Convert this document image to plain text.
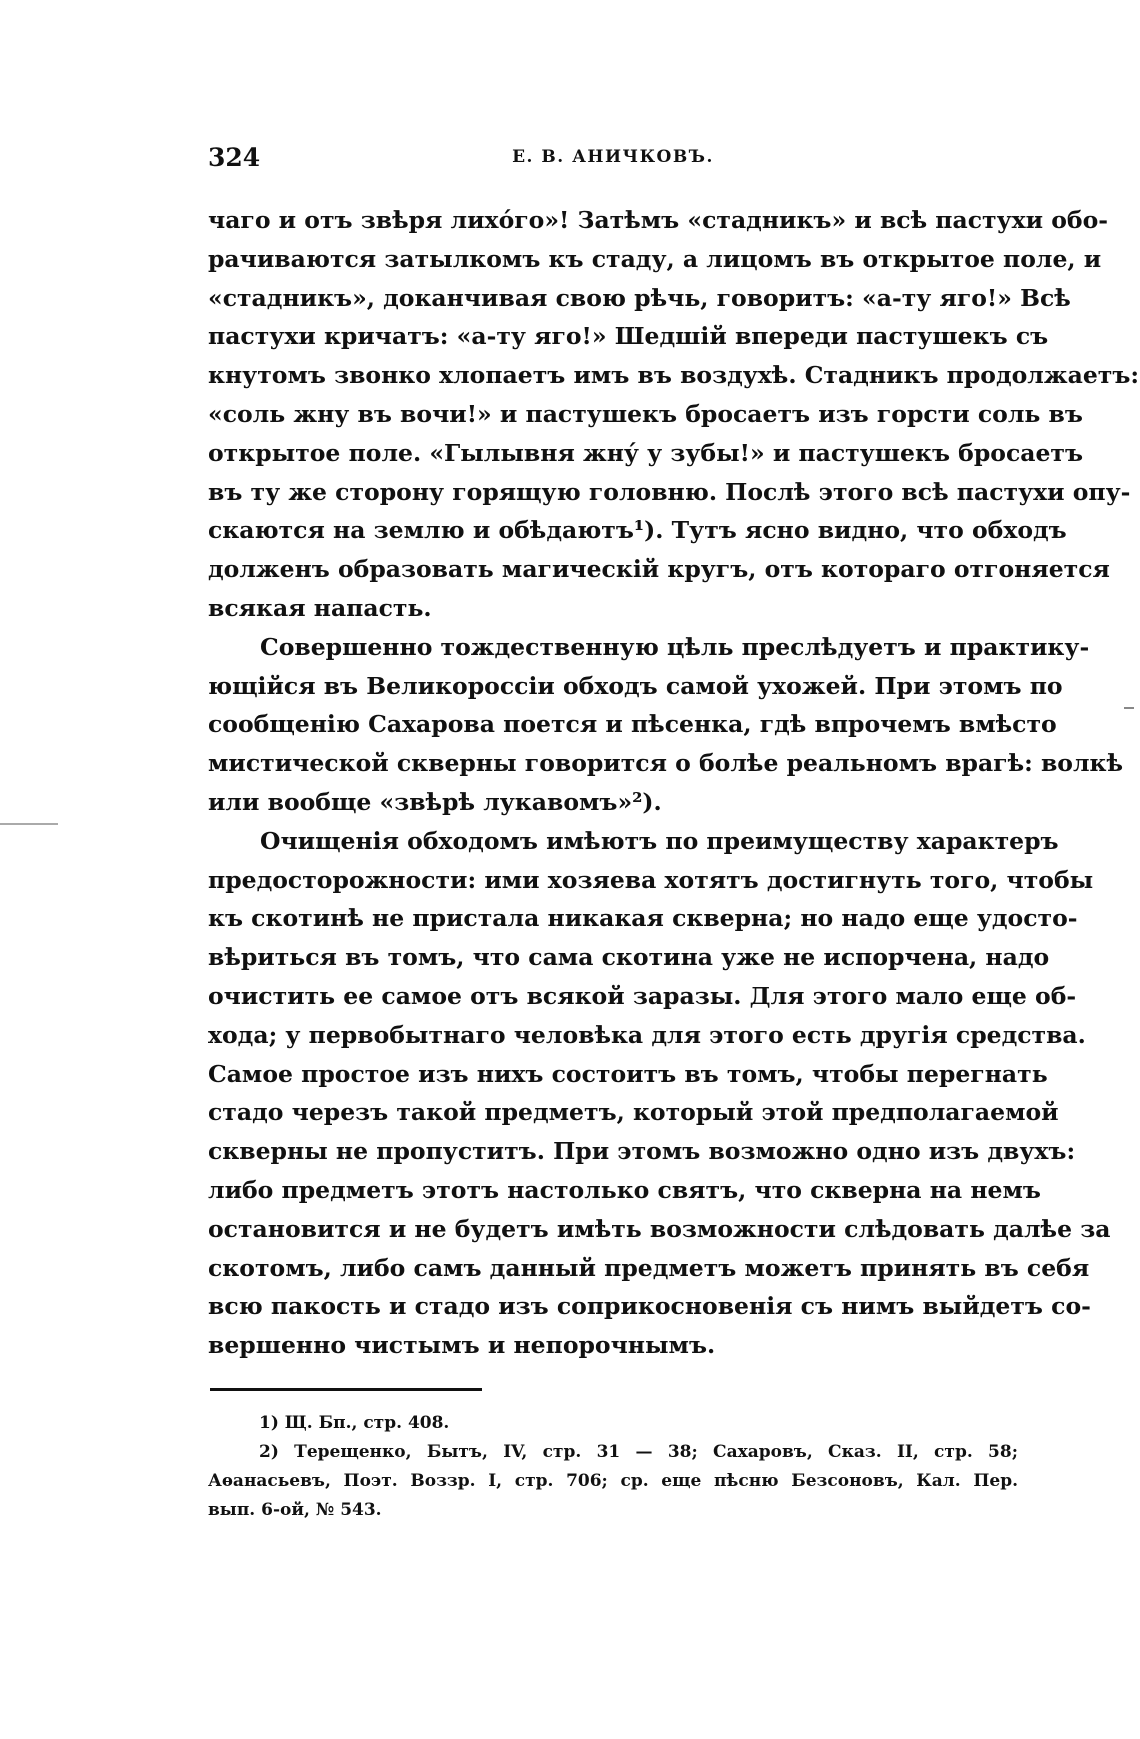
324	Е. В. АНИЧКОВЪ.
чаго и отъ звѣря лихо́го»! Затѣмъ «стадникъ» и всѣ пастухи обо-
рачиваются затылкомъ къ стаду, а лицомъ въ открытое поле, и
«стадникъ», доканчивая свою рѣчь, говоритъ: «а-ту яго!» Всѣ
пастухи кричатъ: «а-ту яго!» Шедшій впереди пастушекъ съ
кнутомъ звонко хлопаетъ имъ въ воздухѣ. Стадникъ продолжаетъ:
«соль жну въ вочи!» и пастушекъ бросаетъ изъ горсти соль въ
открытое поле. «Гылывня жну́ у зубы!» и пастушекъ бросаетъ
въ ту же сторону горящую головню. Послѣ этого всѣ пастухи опу-
скаются на землю и обѣдаютъ¹). Тутъ ясно видно, что обходъ
долженъ образовать магическій кругъ, отъ котораго отгоняется
всякая напасть.
Совершенно тождественную цѣль преслѣдуетъ и практику-
ющійся въ Великороссіи обходъ самой ухожей. При этомъ по
сообщенію Сахарова поется и пѣсенка, гдѣ впрочемъ вмѣсто
мистической скверны говорится о болѣе реальномъ врагѣ: волкѣ
или вообще «звѣрѣ лукавомъ»²).
Очищенія обходомъ имѣютъ по преимуществу характеръ
предосторожности: ими хозяева хотятъ достигнуть того, чтобы
къ скотинѣ не пристала никакая скверна; но надо еще удосто-
вѣриться въ томъ, что сама скотина уже не испорчена, надо
очистить ее самое отъ всякой заразы. Для этого мало еще об-
хода; у первобытнаго человѣка для этого есть другія средства.
Самое простое изъ нихъ состоитъ въ томъ, чтобы перегнать
стадо черезъ такой предметъ, который этой предполагаемой
скверны не пропуститъ. При этомъ возможно одно изъ двухъ:
либо предметъ этотъ настолько святъ, что скверна на немъ
остановится и не будетъ имѣть возможности слѣдовать далѣе за
скотомъ, либо самъ данный предметъ можетъ принять въ себя
всю пакость и стадо изъ соприкосновенія съ нимъ выйдетъ со-
вершенно чистымъ и непорочнымъ.
1) Щ. Бп., стр. 408.
2) Терещенко, Бытъ, IV, стр. 31 — 38; Сахаровъ, Сказ. II, стр. 58;
Аѳанасьевъ, Поэт. Воззр. I, стр. 706; ср. еще пѣсню Безсоновъ, Кал. Пер.
вып. 6-ой, № 543.
